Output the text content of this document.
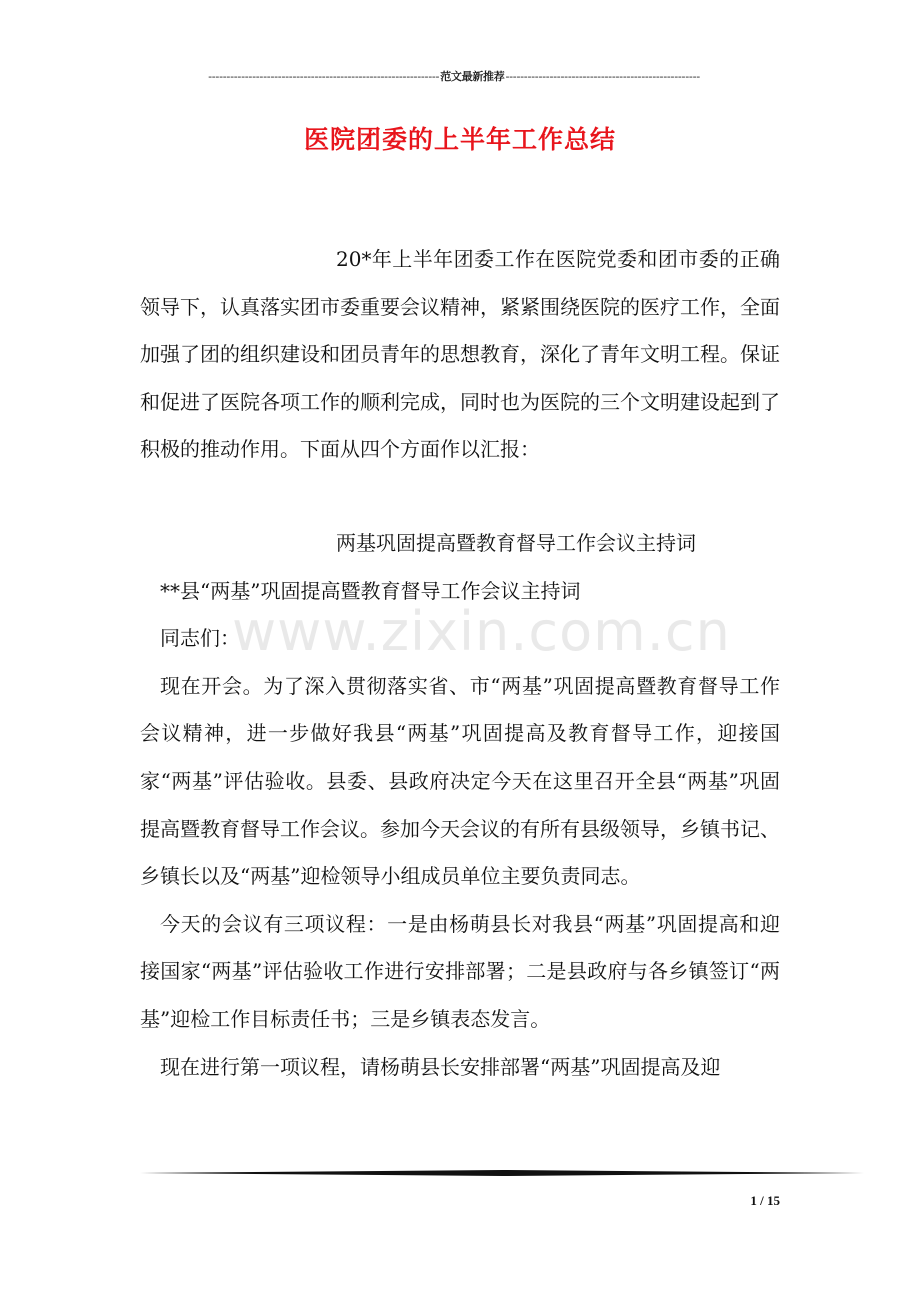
---------------------------------------------------------------范文最新推荐-----------------------------------------------------
医院团委的上半年工作总结
www.zixin.com.cn

20*年上半年团委工作在医院党委和团市委的正确领导下，认真落实团市委重要会议精神，紧紧围绕医院的医疗工作，全面加强了团的组织建设和团员青年的思想教育，深化了青年文明工程。保证和促进了医院各项工作的顺利完成，同时也为医院的三个文明建设起到了积极的推动作用。下面从四个方面作以汇报：

两基巩固提高暨教育督导工作会议主持词

**县“两基”巩固提高暨教育督导工作会议主持词

同志们：

现在开会。为了深入贯彻落实省、市“两基”巩固提高暨教育督导工作会议精神，进一步做好我县“两基”巩固提高及教育督导工作，迎接国家“两基”评估验收。县委、县政府决定今天在这里召开全县“两基”巩固提高暨教育督导工作会议。参加今天会议的有所有县级领导，乡镇书记、乡镇长以及“两基”迎检领导小组成员单位主要负责同志。

今天的会议有三项议程：一是由杨萌县长对我县“两基”巩固提高和迎接国家“两基”评估验收工作进行安排部署；二是县政府与各乡镇签订“两基”迎检工作目标责任书；三是乡镇表态发言。

现在进行第一项议程，请杨萌县长安排部署“两基”巩固提高及迎

1 / 15
